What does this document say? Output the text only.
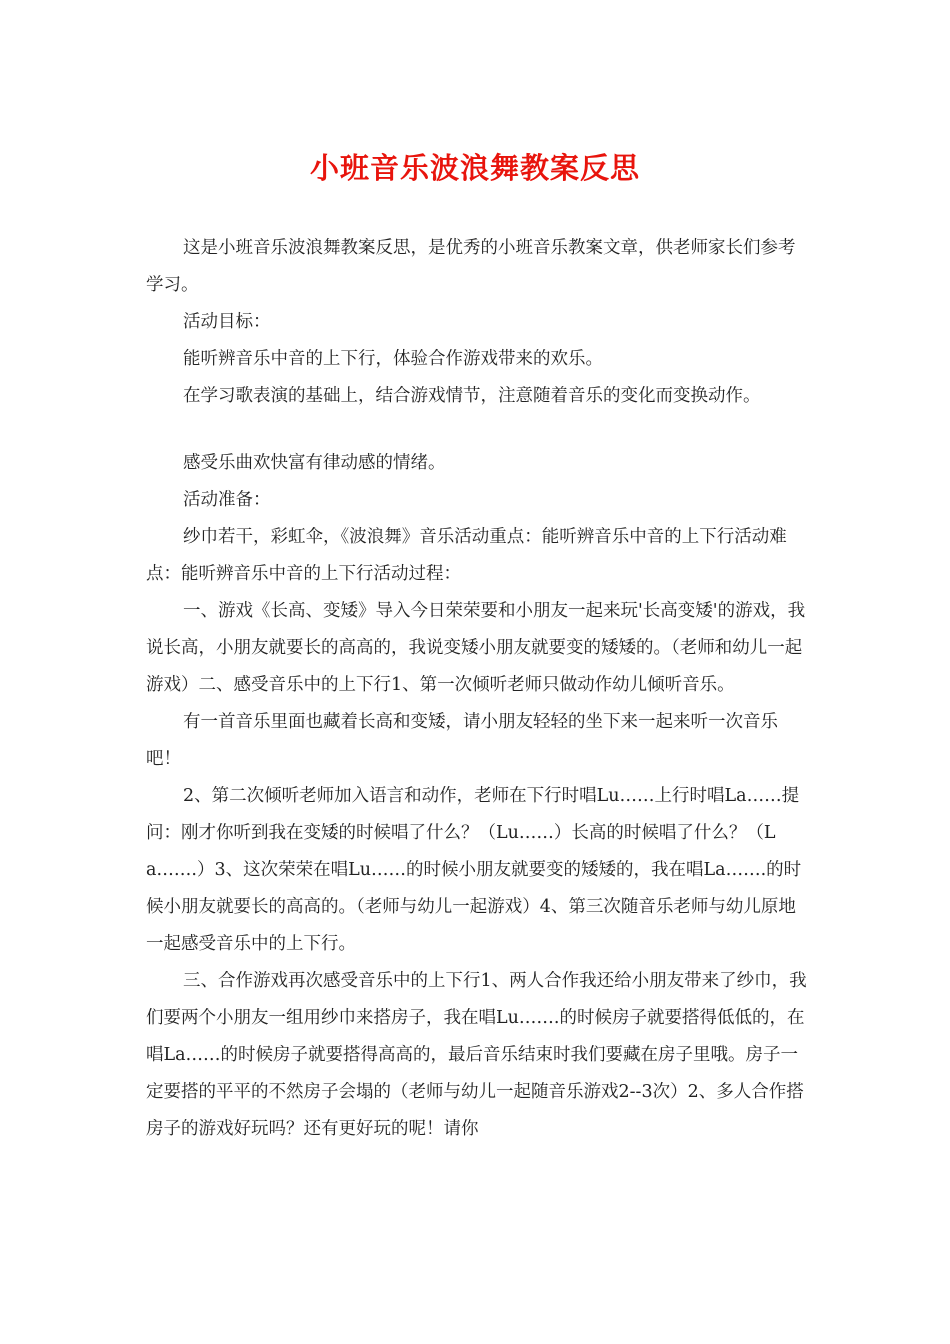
小班音乐波浪舞教案反思

这是小班音乐波浪舞教案反思，是优秀的小班音乐教案文章，供老师家长们参考学习。

活动目标：

能听辨音乐中音的上下行，体验合作游戏带来的欢乐。

在学习歌表演的基础上，结合游戏情节，注意随着音乐的变化而变换动作。

感受乐曲欢快富有律动感的情绪。

活动准备：

纱巾若干，彩虹伞，《波浪舞》音乐活动重点：能听辨音乐中音的上下行活动难点：能听辨音乐中音的上下行活动过程：

一、游戏《长高、变矮》导入今日荣荣要和小朋友一起来玩'长高变矮'的游戏，我说长高，小朋友就要长的高高的，我说变矮小朋友就要变的矮矮的。（老师和幼儿一起游戏）二、感受音乐中的上下行1、第一次倾听老师只做动作幼儿倾听音乐。

有一首音乐里面也藏着长高和变矮，请小朋友轻轻的坐下来一起来听一次音乐吧！

2、第二次倾听老师加入语言和动作，老师在下行时唱Lu……上行时唱La……提问：刚才你听到我在变矮的时候唱了什么？（Lu……）长高的时候唱了什么？（La…….）3、这次荣荣在唱Lu……的时候小朋友就要变的矮矮的，我在唱La…….的时候小朋友就要长的高高的。（老师与幼儿一起游戏）4、第三次随音乐老师与幼儿原地一起感受音乐中的上下行。

三、合作游戏再次感受音乐中的上下行1、两人合作我还给小朋友带来了纱巾，我们要两个小朋友一组用纱巾来搭房子，我在唱Lu…….的时候房子就要搭得低低的，在唱La……的时候房子就要搭得高高的，最后音乐结束时我们要藏在房子里哦。房子一定要搭的平平的不然房子会塌的（老师与幼儿一起随音乐游戏2--3次）2、多人合作搭房子的游戏好玩吗？还有更好玩的呢！请你
